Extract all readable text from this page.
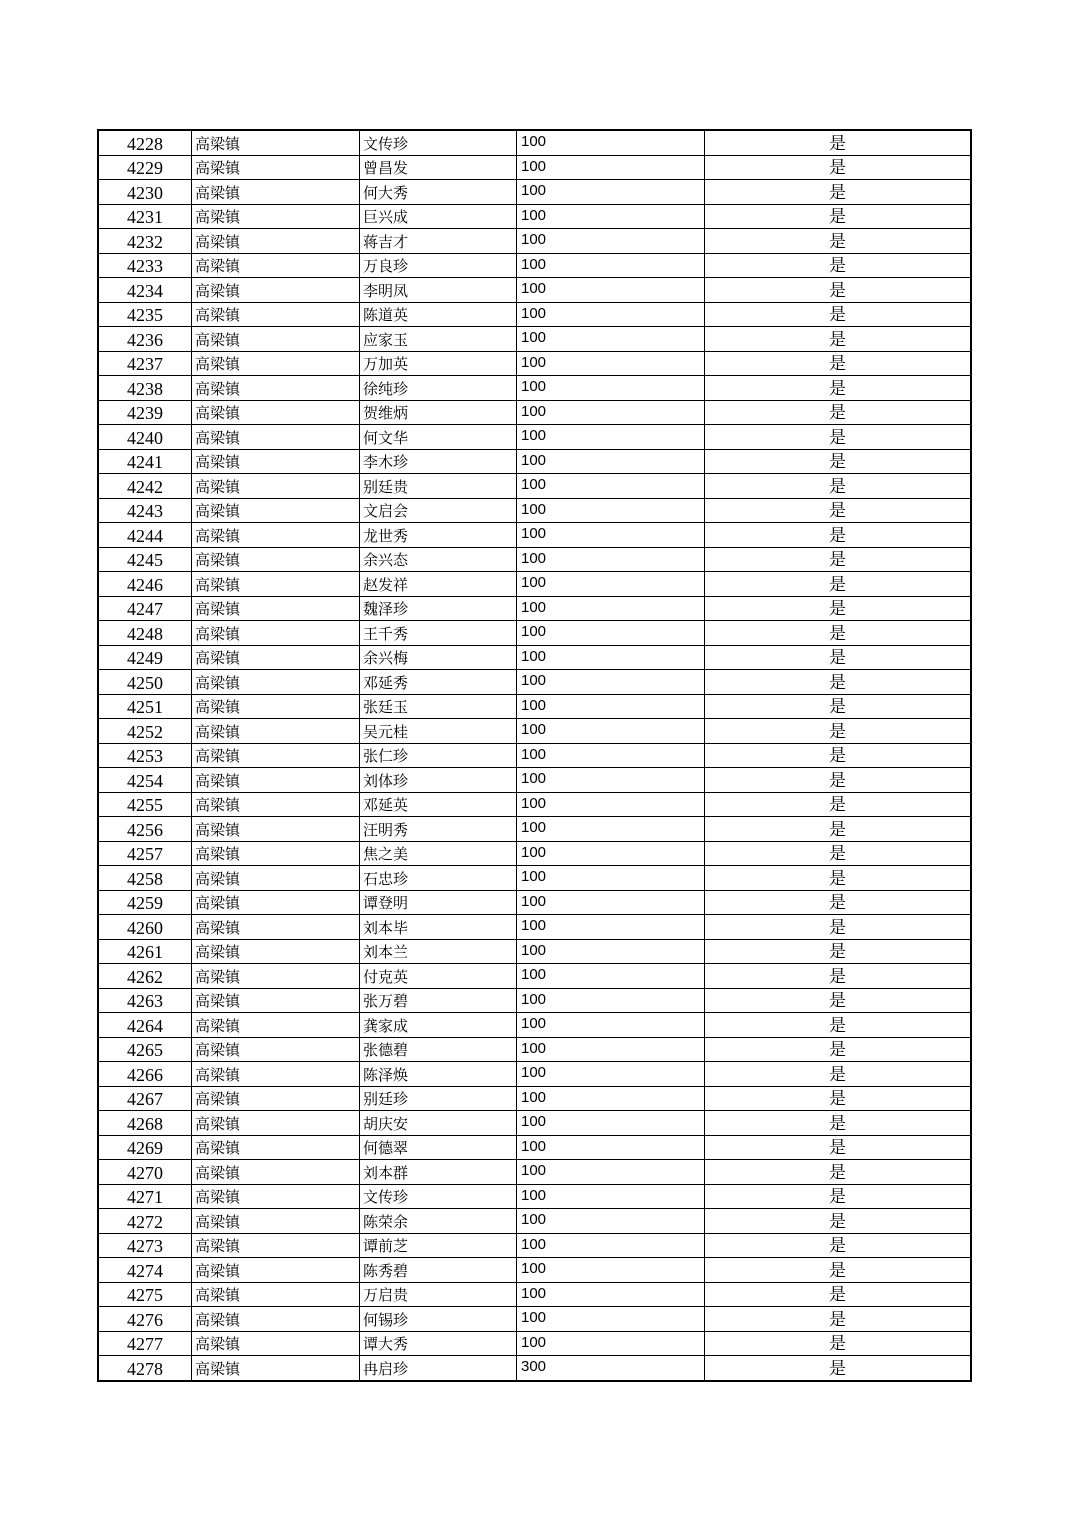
4228	高梁镇	文传珍	100	是
4229	高梁镇	曾昌发	100	是
4230	高梁镇	何大秀	100	是
4231	高梁镇	巨兴成	100	是
4232	高梁镇	蒋吉才	100	是
4233	高梁镇	万良珍	100	是
4234	高梁镇	李明凤	100	是
4235	高梁镇	陈道英	100	是
4236	高梁镇	应家玉	100	是
4237	高梁镇	万加英	100	是
4238	高梁镇	徐纯珍	100	是
4239	高梁镇	贺维炳	100	是
4240	高梁镇	何文华	100	是
4241	高梁镇	李木珍	100	是
4242	高梁镇	别廷贵	100	是
4243	高梁镇	文启会	100	是
4244	高梁镇	龙世秀	100	是
4245	高梁镇	余兴态	100	是
4246	高梁镇	赵发祥	100	是
4247	高梁镇	魏泽珍	100	是
4248	高梁镇	王千秀	100	是
4249	高梁镇	余兴梅	100	是
4250	高梁镇	邓延秀	100	是
4251	高梁镇	张廷玉	100	是
4252	高梁镇	吴元桂	100	是
4253	高梁镇	张仁珍	100	是
4254	高梁镇	刘体珍	100	是
4255	高梁镇	邓延英	100	是
4256	高梁镇	汪明秀	100	是
4257	高梁镇	焦之美	100	是
4258	高梁镇	石忠珍	100	是
4259	高梁镇	谭登明	100	是
4260	高梁镇	刘本毕	100	是
4261	高梁镇	刘本兰	100	是
4262	高梁镇	付克英	100	是
4263	高梁镇	张万碧	100	是
4264	高梁镇	龚家成	100	是
4265	高梁镇	张德碧	100	是
4266	高梁镇	陈泽焕	100	是
4267	高梁镇	别廷珍	100	是
4268	高梁镇	胡庆安	100	是
4269	高梁镇	何德翠	100	是
4270	高梁镇	刘本群	100	是
4271	高梁镇	文传珍	100	是
4272	高梁镇	陈荣余	100	是
4273	高梁镇	谭前芝	100	是
4274	高梁镇	陈秀碧	100	是
4275	高梁镇	万启贵	100	是
4276	高梁镇	何锡珍	100	是
4277	高梁镇	谭大秀	100	是
4278	高梁镇	冉启珍	300	是
